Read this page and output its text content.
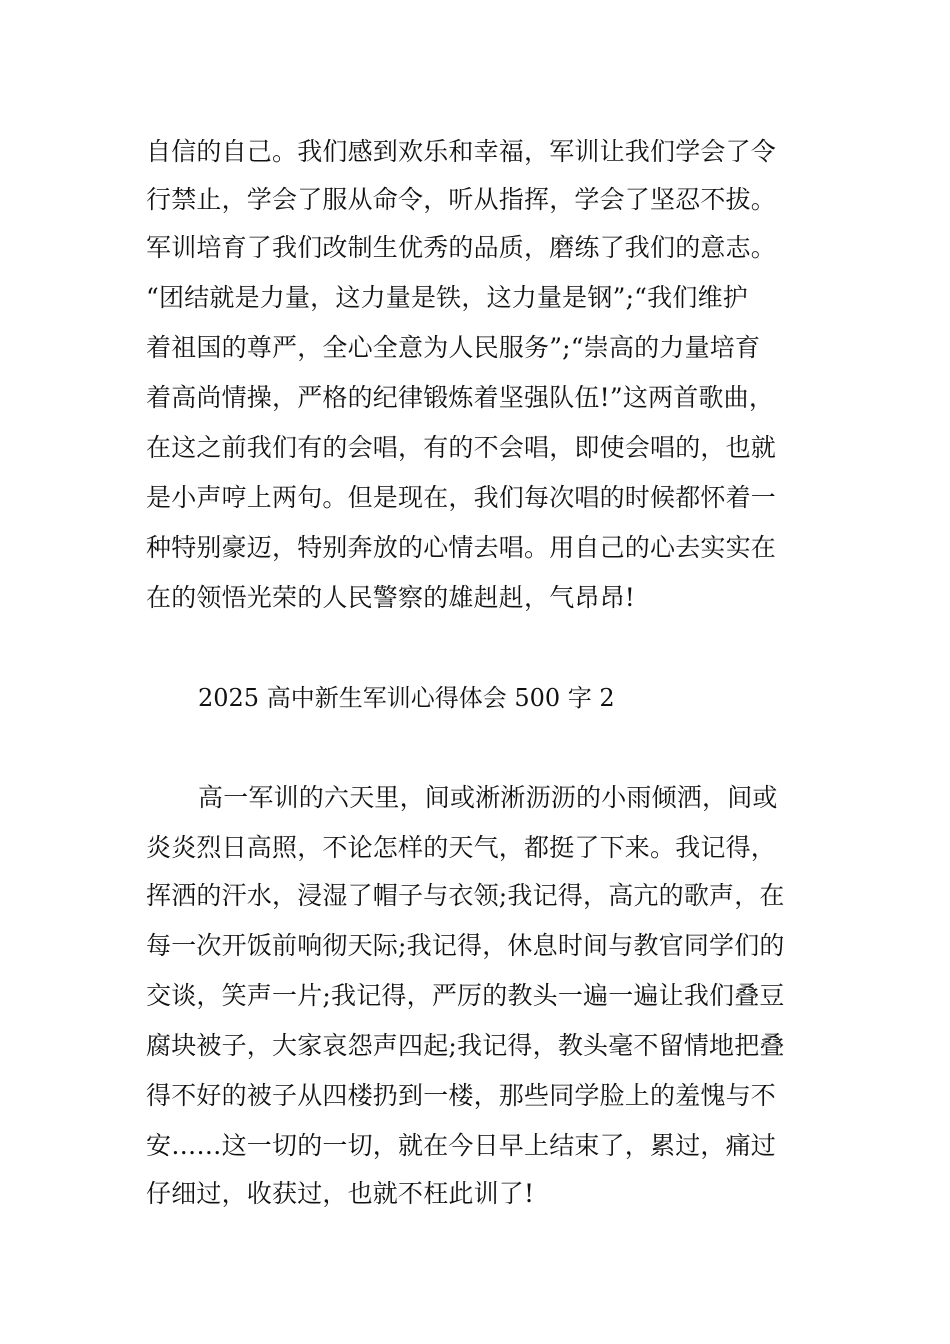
自信的自己。我们感到欢乐和幸福，军训让我们学会了令
行禁止，学会了服从命令，听从指挥，学会了坚忍不拔。
军训培育了我们改制生优秀的品质，磨练了我们的意志。
“团结就是力量，这力量是铁，这力量是钢”;“我们维护
着祖国的尊严，全心全意为人民服务”;“崇高的力量培育
着高尚情操，严格的纪律锻炼着坚强队伍!”这两首歌曲，
在这之前我们有的会唱，有的不会唱，即使会唱的，也就
是小声哼上两句。但是现在，我们每次唱的时候都怀着一
种特别豪迈，特别奔放的心情去唱。用自己的心去实实在
在的领悟光荣的人民警察的雄赳赳，气昂昂!
2025 高中新生军训心得体会 500 字 2
高一军训的六天里，间或淅淅沥沥的小雨倾洒，间或
炎炎烈日高照，不论怎样的天气，都挺了下来。我记得，
挥洒的汗水，浸湿了帽子与衣领;我记得，高亢的歌声，在
每一次开饭前响彻天际;我记得，休息时间与教官同学们的
交谈，笑声一片;我记得，严厉的教头一遍一遍让我们叠豆
腐块被子，大家哀怨声四起;我记得，教头毫不留情地把叠
得不好的被子从四楼扔到一楼，那些同学脸上的羞愧与不
安……这一切的一切，就在今日早上结束了，累过，痛过
仔细过，收获过，也就不枉此训了!
